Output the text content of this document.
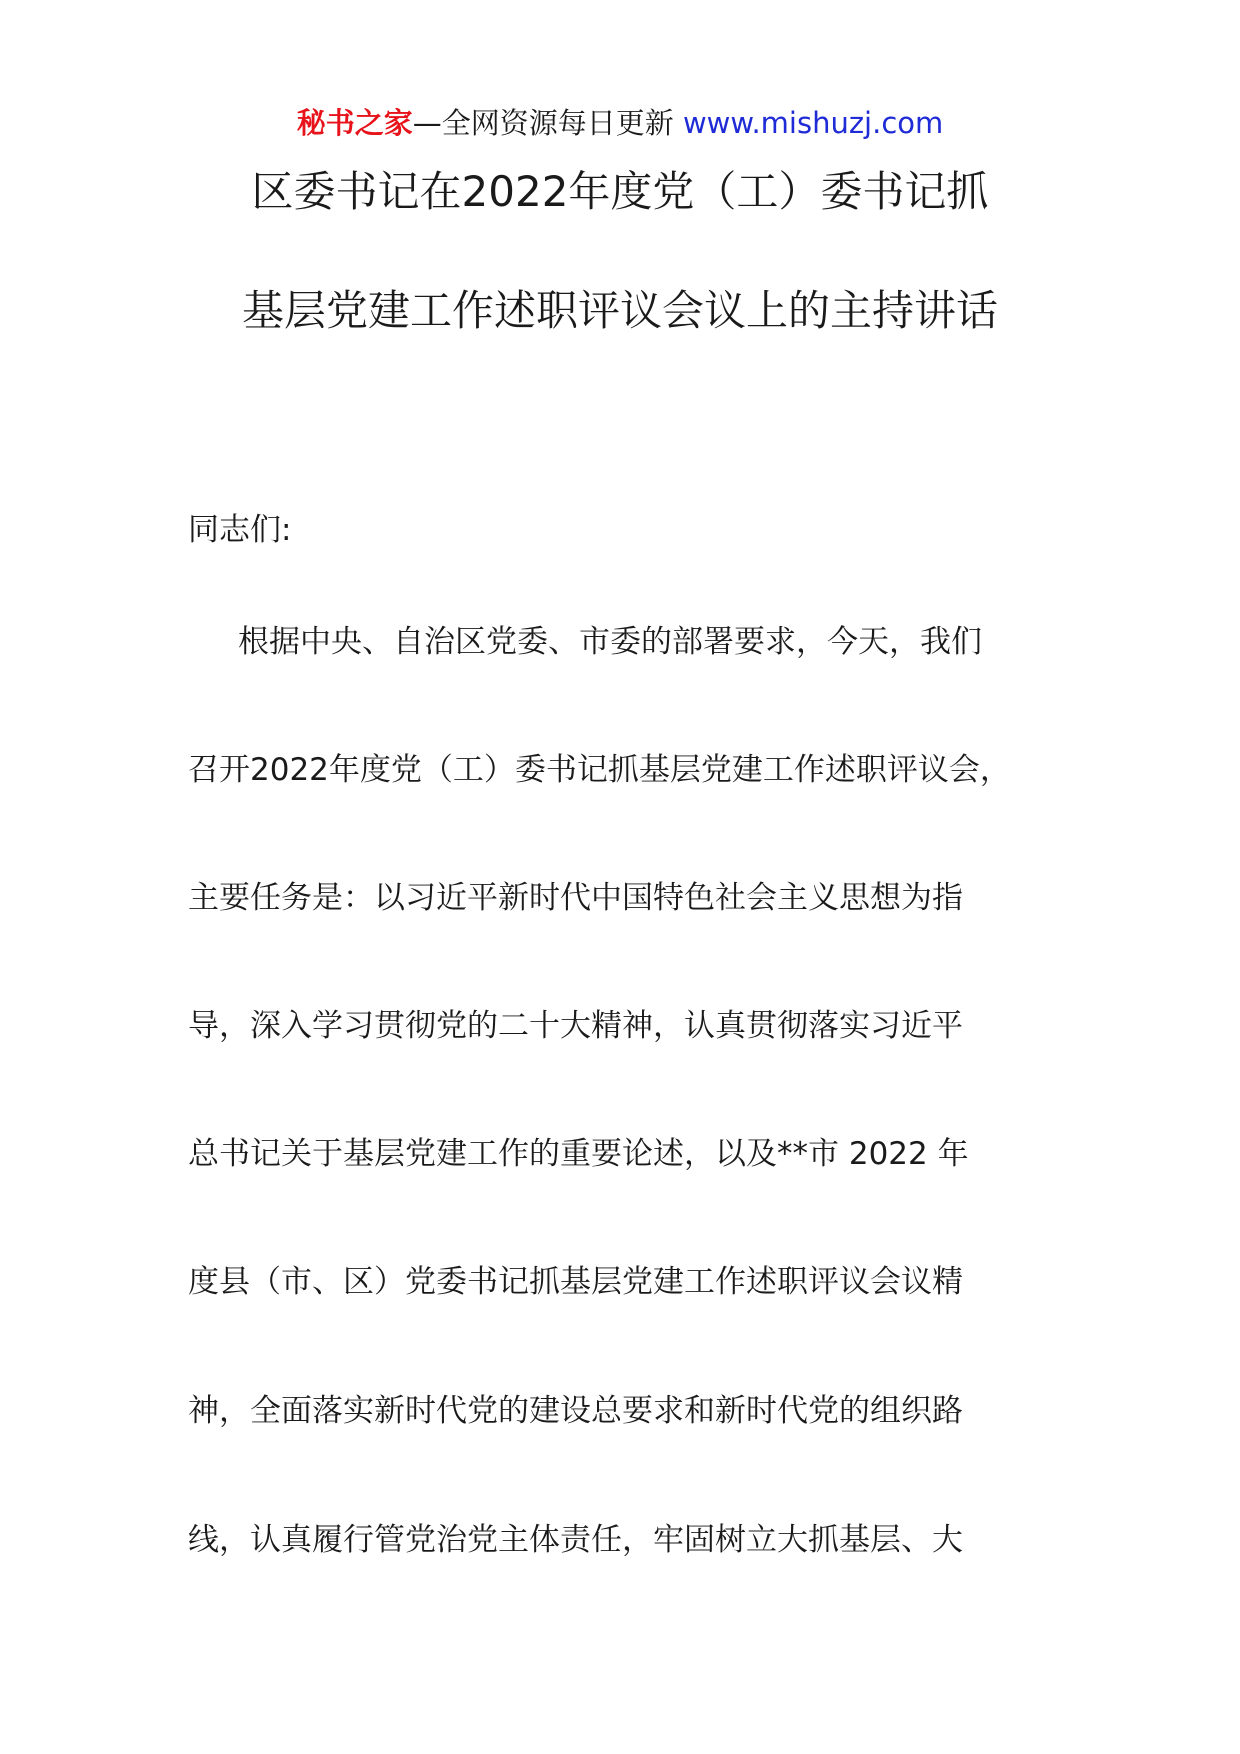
秘书之家—全网资源每日更新 www.mishuzj.com
区委书记在2022年度党（工）委书记抓
基层党建工作述职评议会议上的主持讲话
同志们:
根据中央、自治区党委、市委的部署要求，今天，我们
召开2022年度党（工）委书记抓基层党建工作述职评议会，
主要任务是：以习近平新时代中国特色社会主义思想为指
导，深入学习贯彻党的二十大精神，认真贯彻落实习近平
总书记关于基层党建工作的重要论述，以及**市 2022 年
度县（市、区）党委书记抓基层党建工作述职评议会议精
神，全面落实新时代党的建设总要求和新时代党的组织路
线，认真履行管党治党主体责任，牢固树立大抓基层、大
